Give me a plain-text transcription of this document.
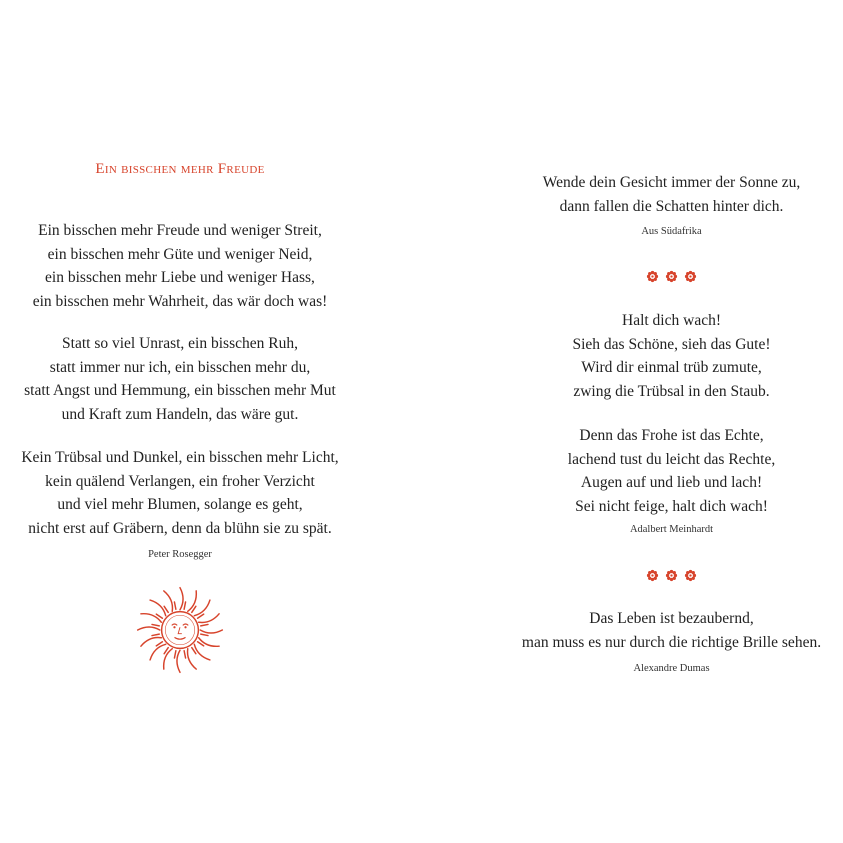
Ein bisschen mehr Freude

Ein bisschen mehr Freude und weniger Streit,

ein bisschen mehr Güte und weniger Neid,

ein bisschen mehr Liebe und weniger Hass,

ein bisschen mehr Wahrheit, das wär doch was!

Statt so viel Unrast, ein bisschen Ruh,

statt immer nur ich, ein bisschen mehr du,

statt Angst und Hemmung, ein bisschen mehr Mut

und Kraft zum Handeln, das wäre gut.

Kein Trübsal und Dunkel, ein bisschen mehr Licht,

kein quälend Verlangen, ein froher Verzicht

und viel mehr Blumen, solange es geht,

nicht erst auf Gräbern, denn da blühn sie zu spät.

Peter Rosegger

Wende dein Gesicht immer der Sonne zu,

dann fallen die Schatten hinter dich.

Aus Südafrika

Halt dich wach!

Sieh das Schöne, sieh das Gute!

Wird dir einmal trüb zumute,

zwing die Trübsal in den Staub.

Denn das Frohe ist das Echte,

lachend tust du leicht das Rechte,

Augen auf und lieb und lach!

Sei nicht feige, halt dich wach!

Adalbert Meinhardt

Das Leben ist bezaubernd,

man muss es nur durch die richtige Brille sehen.

Alexandre Dumas
